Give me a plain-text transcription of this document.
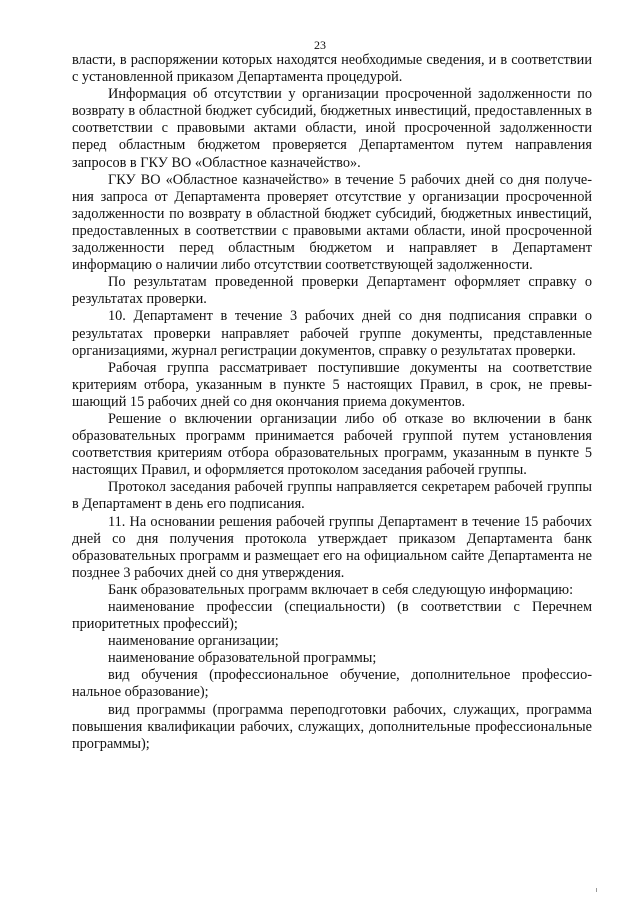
23

власти, в распоряжении которых находятся необходимые сведения, и в соответствии с установленной приказом Департамента процедурой.

Информация об отсутствии у организации просроченной задолженности по возврату в областной бюджет субсидий, бюджетных инвестиций, предоставленных в соответствии с правовыми актами области, иной просроченной задолженности перед областным бюджетом проверяется Департаментом путем направления запросов в ГКУ ВО «Областное казначейство».

ГКУ ВО «Областное казначейство» в течение 5 рабочих дней со дня получения запроса от Департамента проверяет отсутствие у организации просроченной задолженности по возврату в областной бюджет субсидий, бюджетных инвестиций, предоставленных в соответствии с правовыми актами области, иной просроченной задолженности перед областным бюджетом и направляет в Департамент информацию о наличии либо отсутствии соответствующей задолженности.

По результатам проведенной проверки Департамент оформляет справку о результатах проверки.

10. Департамент в течение 3 рабочих дней со дня подписания справки о результатах проверки направляет рабочей группе документы, представленные организациями, журнал регистрации документов, справку о результатах проверки.

Рабочая группа рассматривает поступившие документы на соответствие критериям отбора, указанным в пункте 5 настоящих Правил, в срок, не превышающий 15 рабочих дней со дня окончания приема документов.

Решение о включении организации либо об отказе во включении в банк образовательных программ принимается рабочей группой путем установления соответствия критериям отбора образовательных программ, указанным в пункте 5 настоящих Правил, и оформляется протоколом заседания рабочей группы.

Протокол заседания рабочей группы направляется секретарем рабочей группы в Департамент в день его подписания.

11. На основании решения рабочей группы Департамент в течение 15 рабочих дней со дня получения протокола утверждает приказом Департамента банк образовательных программ и размещает его на официальном сайте Департамента не позднее 3 рабочих дней со дня утверждения.

Банк образовательных программ включает в себя следующую информацию:

наименование профессии (специальности) (в соответствии с Перечнем приоритетных профессий);

наименование организации;

наименование образовательной программы;

вид обучения (профессиональное обучение, дополнительное профессиональное образование);

вид программы (программа переподготовки рабочих, служащих, программа повышения квалификации рабочих, служащих, дополнительные профессиональные программы);
